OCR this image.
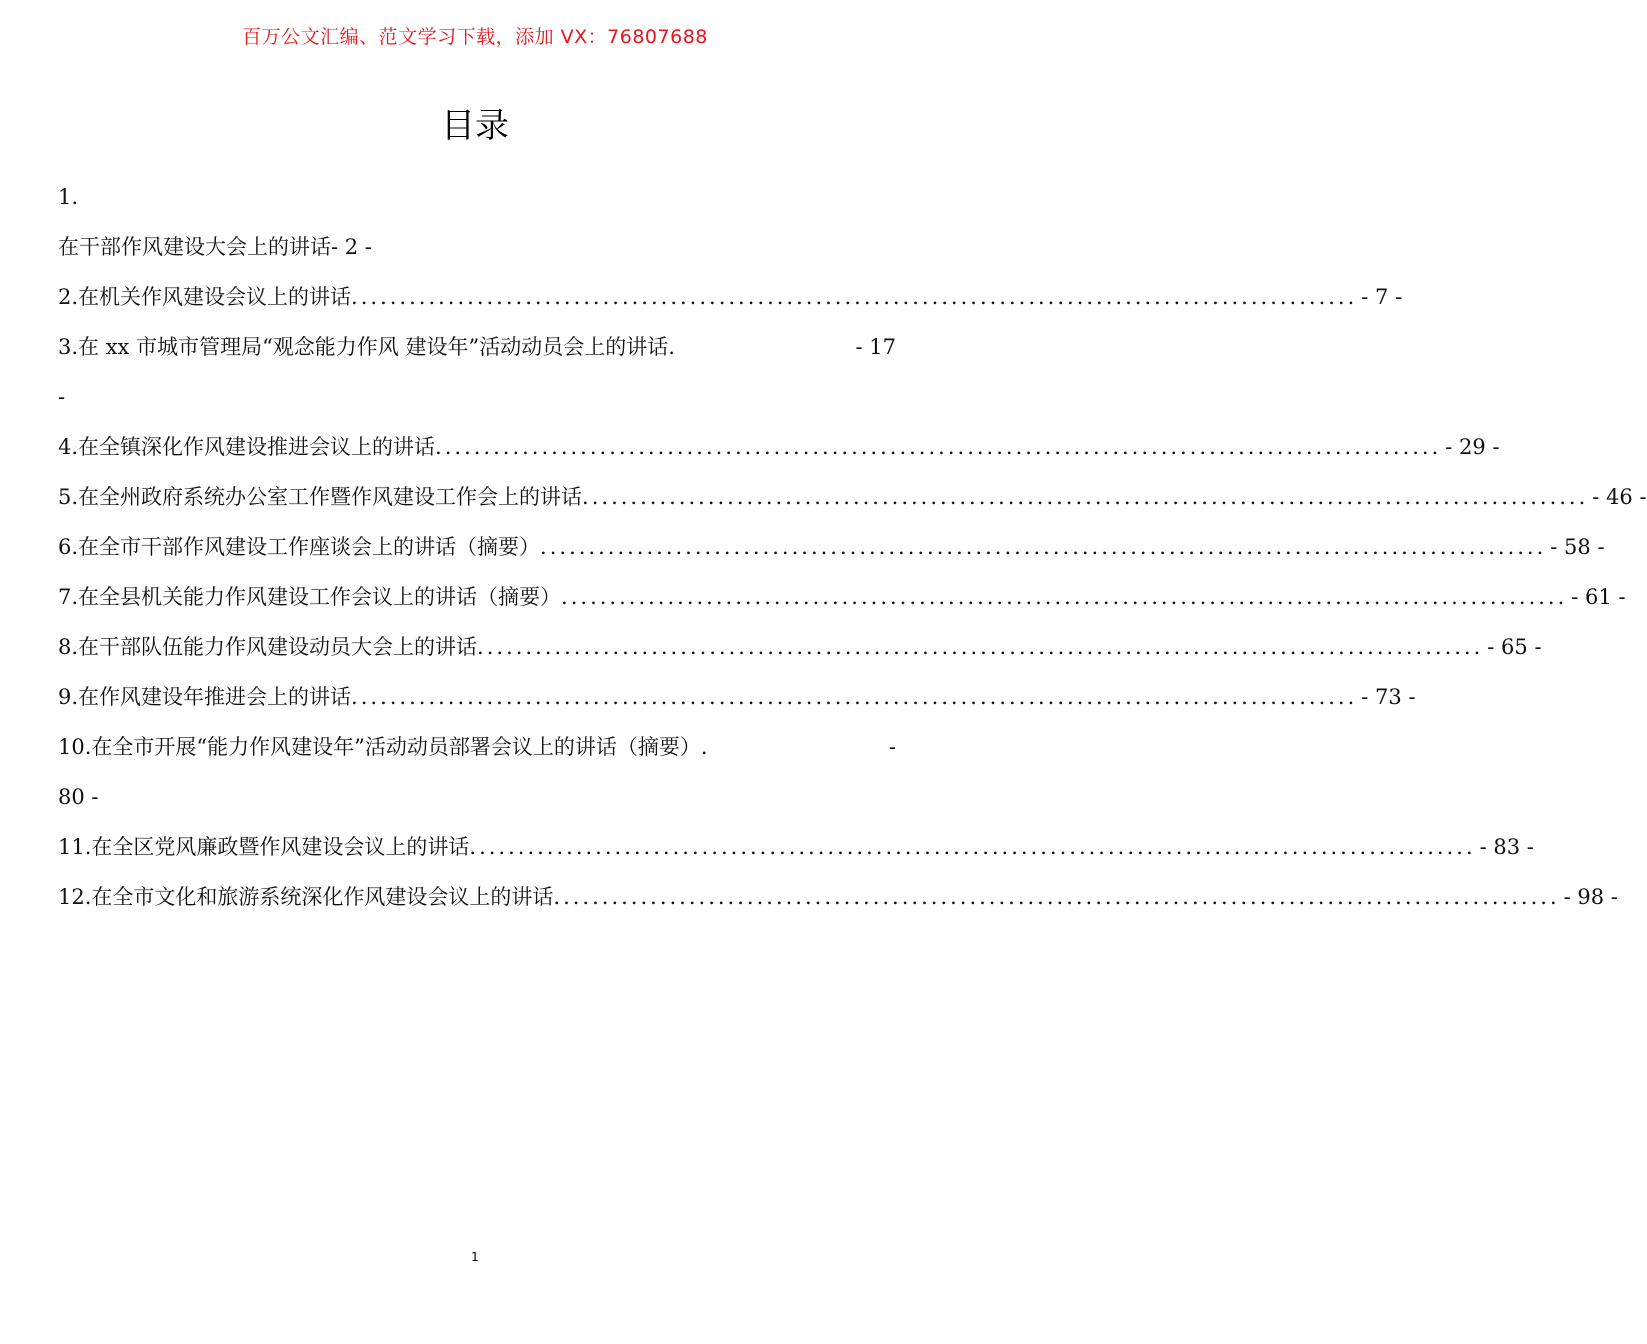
百万公文汇编、范文学习下载，添加 VX：76807688
目录
1.
在干部作风建设大会上的讲话- 2 -
2.在机关作风建设会议上的讲话 ........................................................................................................ - 7 -
3.在 xx 市城市管理局“观念能力作风 建设年”活动动员会上的讲话.	- 17
-
4.在全镇深化作风建设推进会议上的讲话 ........................................................................................................ - 29 -
5.在全州政府系统办公室工作暨作风建设工作会上的讲话 ........................................................................................................ - 46 -
6.在全市干部作风建设工作座谈会上的讲话（摘要） ........................................................................................................ - 58 -
7.在全县机关能力作风建设工作会议上的讲话（摘要） ........................................................................................................ - 61 -
8.在干部队伍能力作风建设动员大会上的讲话 ........................................................................................................ - 65 -
9.在作风建设年推进会上的讲话 ........................................................................................................ - 73 -
10.在全市开展“能力作风建设年”活动动员部署会议上的讲话（摘要）.	-
80 -
11.在全区党风廉政暨作风建设会议上的讲话 ........................................................................................................ - 83 -
12.在全市文化和旅游系统深化作风建设会议上的讲话 ........................................................................................................ - 98 -
1
